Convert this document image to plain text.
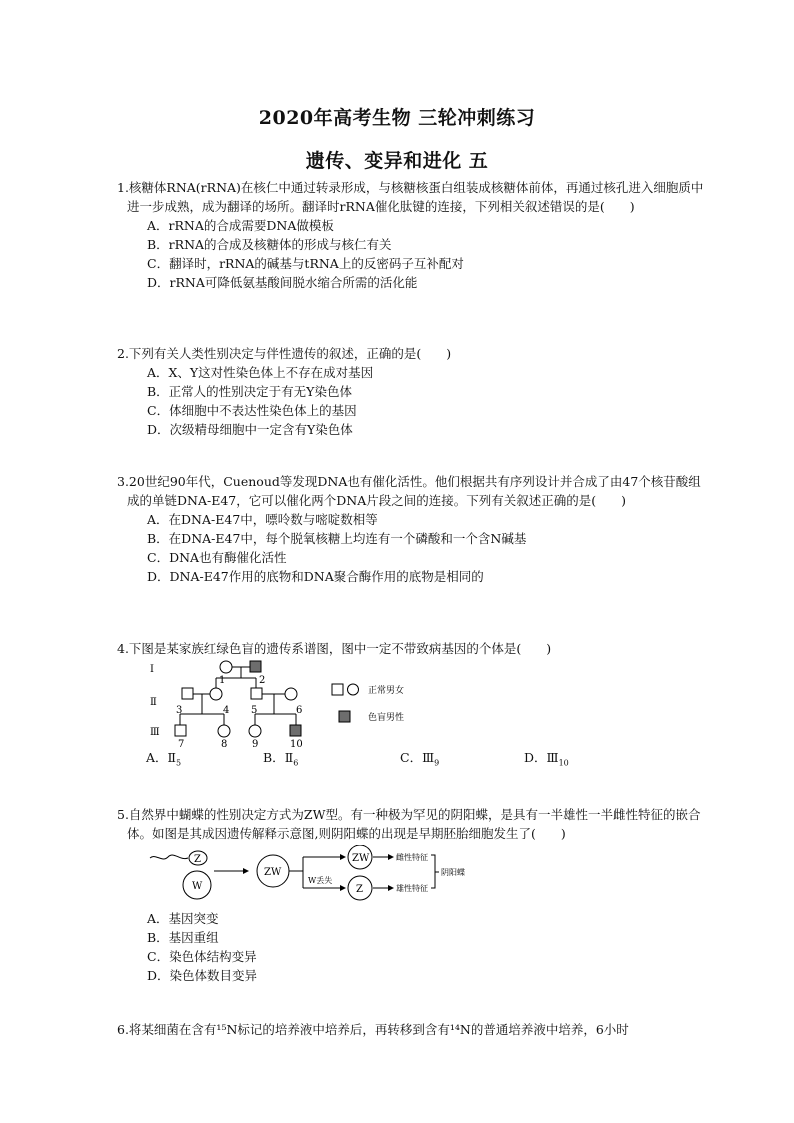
2020年高考生物 三轮冲刺练习
遗传、变异和进化 五
1.核糖体RNA(rRNA)在核仁中通过转录形成，与核糖核蛋白组装成核糖体前体，再通过核孔进入细胞质中进一步成熟，成为翻译的场所。翻译时rRNA催化肽键的连接，下列相关叙述错误的是(　　)
A．rRNA的合成需要DNA做模板
B．rRNA的合成及核糖体的形成与核仁有关
C．翻译时，rRNA的碱基与tRNA上的反密码子互补配对
D．rRNA可降低氨基酸间脱水缩合所需的活化能
2.下列有关人类性别决定与伴性遗传的叙述，正确的是(　　)
A．X、Y这对性染色体上不存在成对基因
B．正常人的性别决定于有无Y染色体
C．体细胞中不表达性染色体上的基因
D．次级精母细胞中一定含有Y染色体
3.20世纪90年代，Cuenoud等发现DNA也有催化活性。他们根据共有序列设计并合成了由47个核苷酸组成的单链DNA-E47，它可以催化两个DNA片段之间的连接。下列有关叙述正确的是(　　)
A．在DNA-E47中，嘌呤数与嘧啶数相等
B．在DNA-E47中，每个脱氧核糖上均连有一个磷酸和一个含N碱基
C．DNA也有酶催化活性
D．DNA-E47作用的底物和DNA聚合酶作用的底物是相同的
4.下图是某家族红绿色盲的遗传系谱图，图中一定不带致病基因的个体是(　　)
Ⅰ
Ⅱ
Ⅲ
1	2
3	4 5	6
7	8 9	10
正常男女
色盲男性
A．$Ⅱ_5$	B．$Ⅱ_6$	C．$Ⅲ_9$	D．$Ⅲ_{10}$
5.自然界中蝴蝶的性别决定方式为ZW型。有一种极为罕见的阴阳蝶，是具有一半雄性一半雌性特征的嵌合体。如图是其成因遗传解释示意图,则阴阳蝶的出现是早期胚胎细胞发生了(　　)
Z
W
ZW
ZW
Z
W丢失
雌性特征
雄性特征
阴阳蝶
A．基因突变
B．基因重组
C．染色体结构变异
D．染色体数目变异
6.将某细菌在含有¹⁵N标记的培养液中培养后，再转移到含有¹⁴N的普通培养液中培养，6小时
